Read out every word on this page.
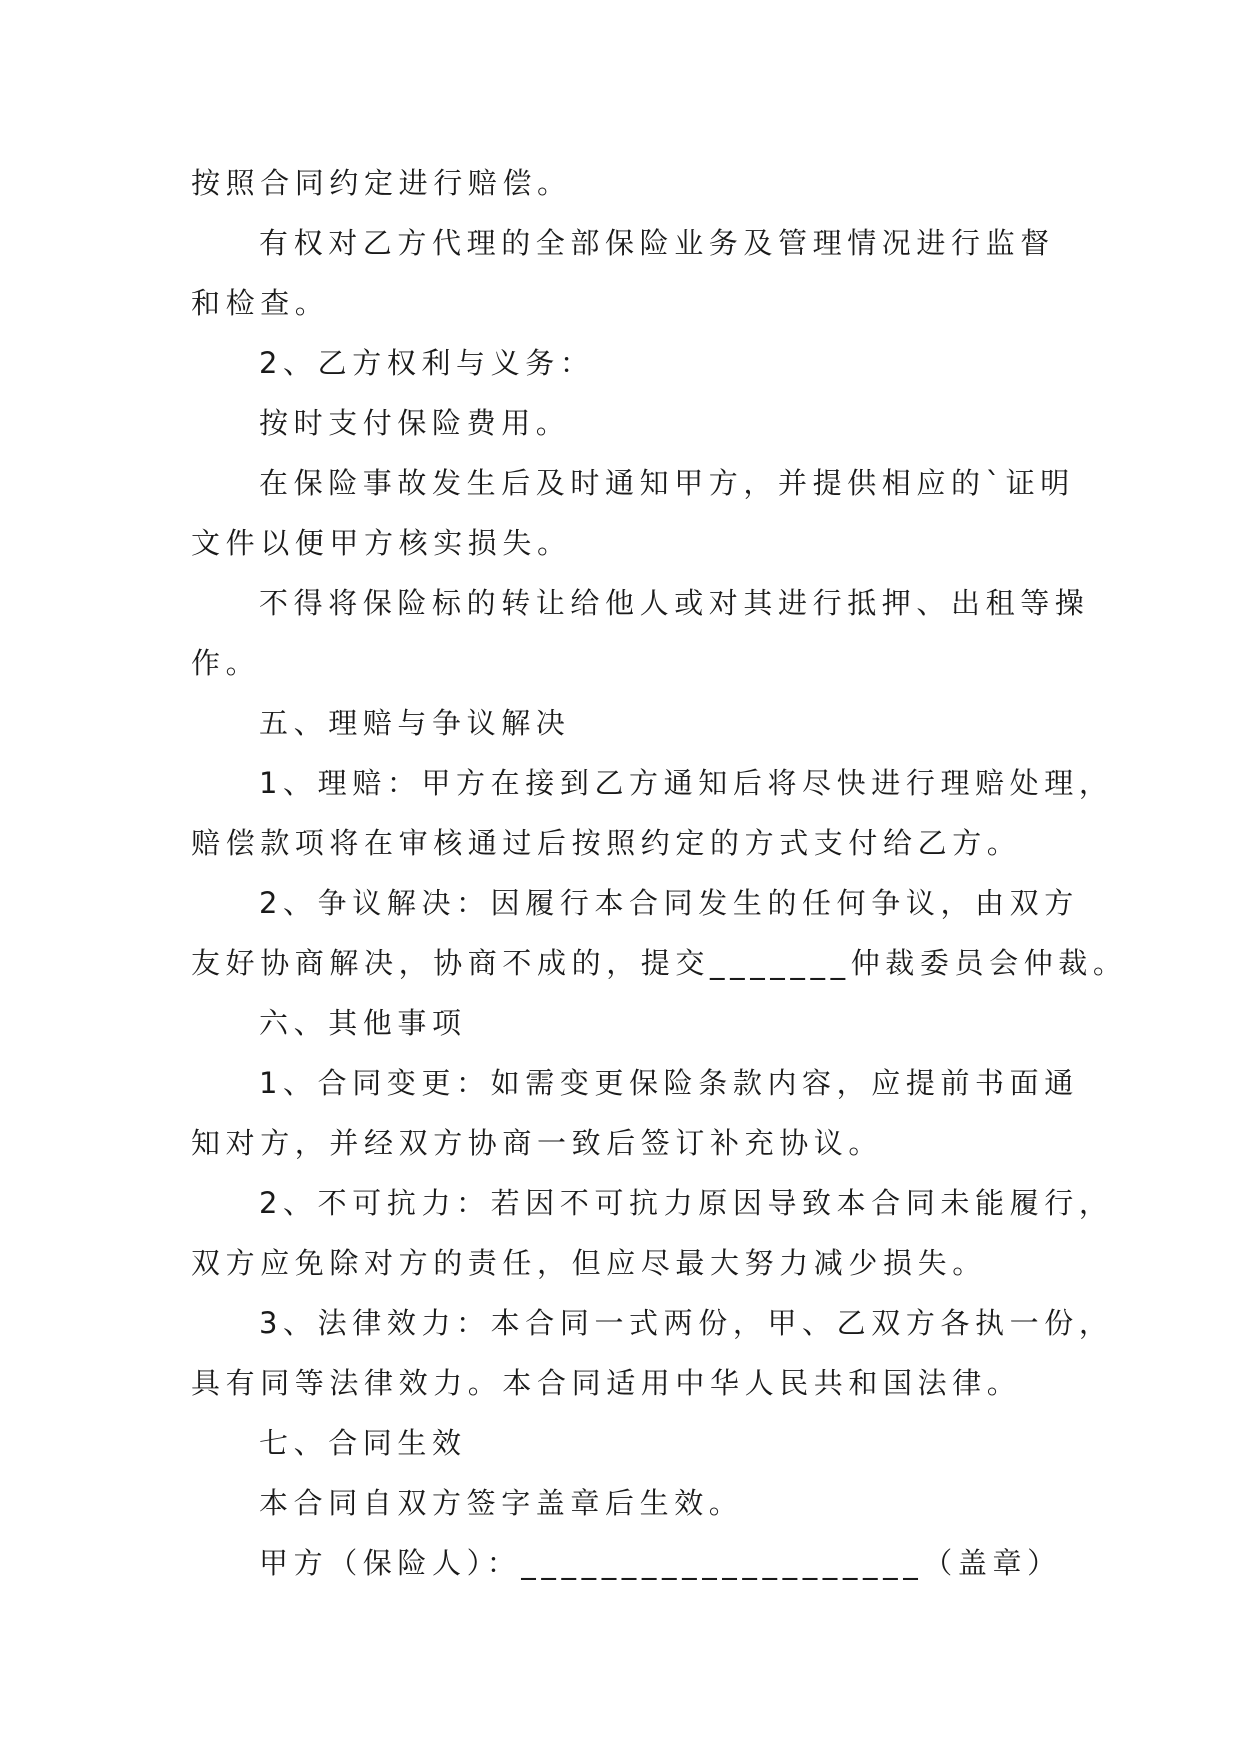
按照合同约定进行赔偿。
有权对乙方代理的全部保险业务及管理情况进行监督
和检查。
2、乙方权利与义务：
按时支付保险费用。
在保险事故发生后及时通知甲方，并提供相应的`证明
文件以便甲方核实损失。
不得将保险标的转让给他人或对其进行抵押、出租等操
作。
五、理赔与争议解决
1、理赔：甲方在接到乙方通知后将尽快进行理赔处理，
赔偿款项将在审核通过后按照约定的方式支付给乙方。
2、争议解决：因履行本合同发生的任何争议，由双方
友好协商解决，协商不成的，提交_______仲裁委员会仲裁。
六、其他事项
1、合同变更：如需变更保险条款内容，应提前书面通
知对方，并经双方协商一致后签订补充协议。
2、不可抗力：若因不可抗力原因导致本合同未能履行，
双方应免除对方的责任，但应尽最大努力减少损失。
3、法律效力：本合同一式两份，甲、乙双方各执一份，
具有同等法律效力。本合同适用中华人民共和国法律。
七、合同生效
本合同自双方签字盖章后生效。
甲方（保险人）：____________________（盖章）
